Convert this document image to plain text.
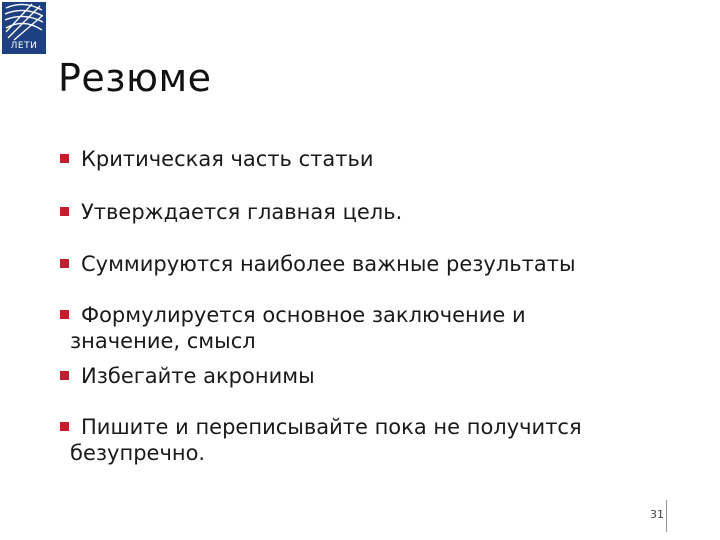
ЛЕТИ
Резюме
Критическая часть статьи
Утверждается главная цель.
Суммируются наиболее важные результаты
Формулируется основное заключение и
значение, смысл
Избегайте акронимы
Пишите и переписывайте пока не получится
безупречно.
31
